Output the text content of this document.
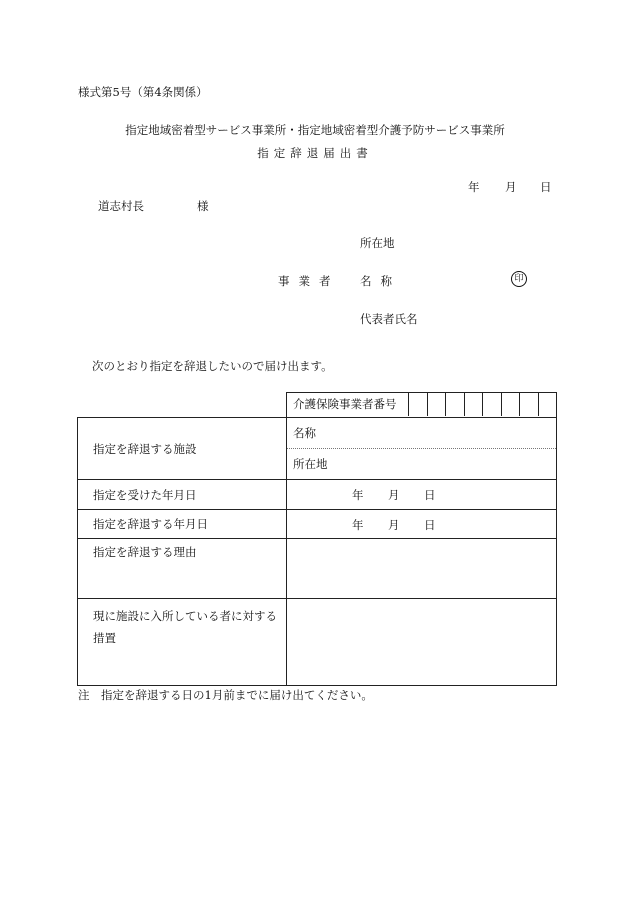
様式第5号（第4条関係）
指定地域密着型サービス事業所・指定地域密着型介護予防サービス事業所
指定辞退届出書
年 月 日
道志村長	様
所在地
事業者 名称	印
代表者氏名
次のとおり指定を辞退したいので届け出ます。

	介護保険事業者番号

指定を辞退する施設	名称
所在地

指定を受けた年月日	年 月 日

指定を辞退する年月日	年 月 日

指定を辞退する理由	
現に施設に入所している者に対する措置	
注　指定を辞退する日の1月前までに届け出てください。
